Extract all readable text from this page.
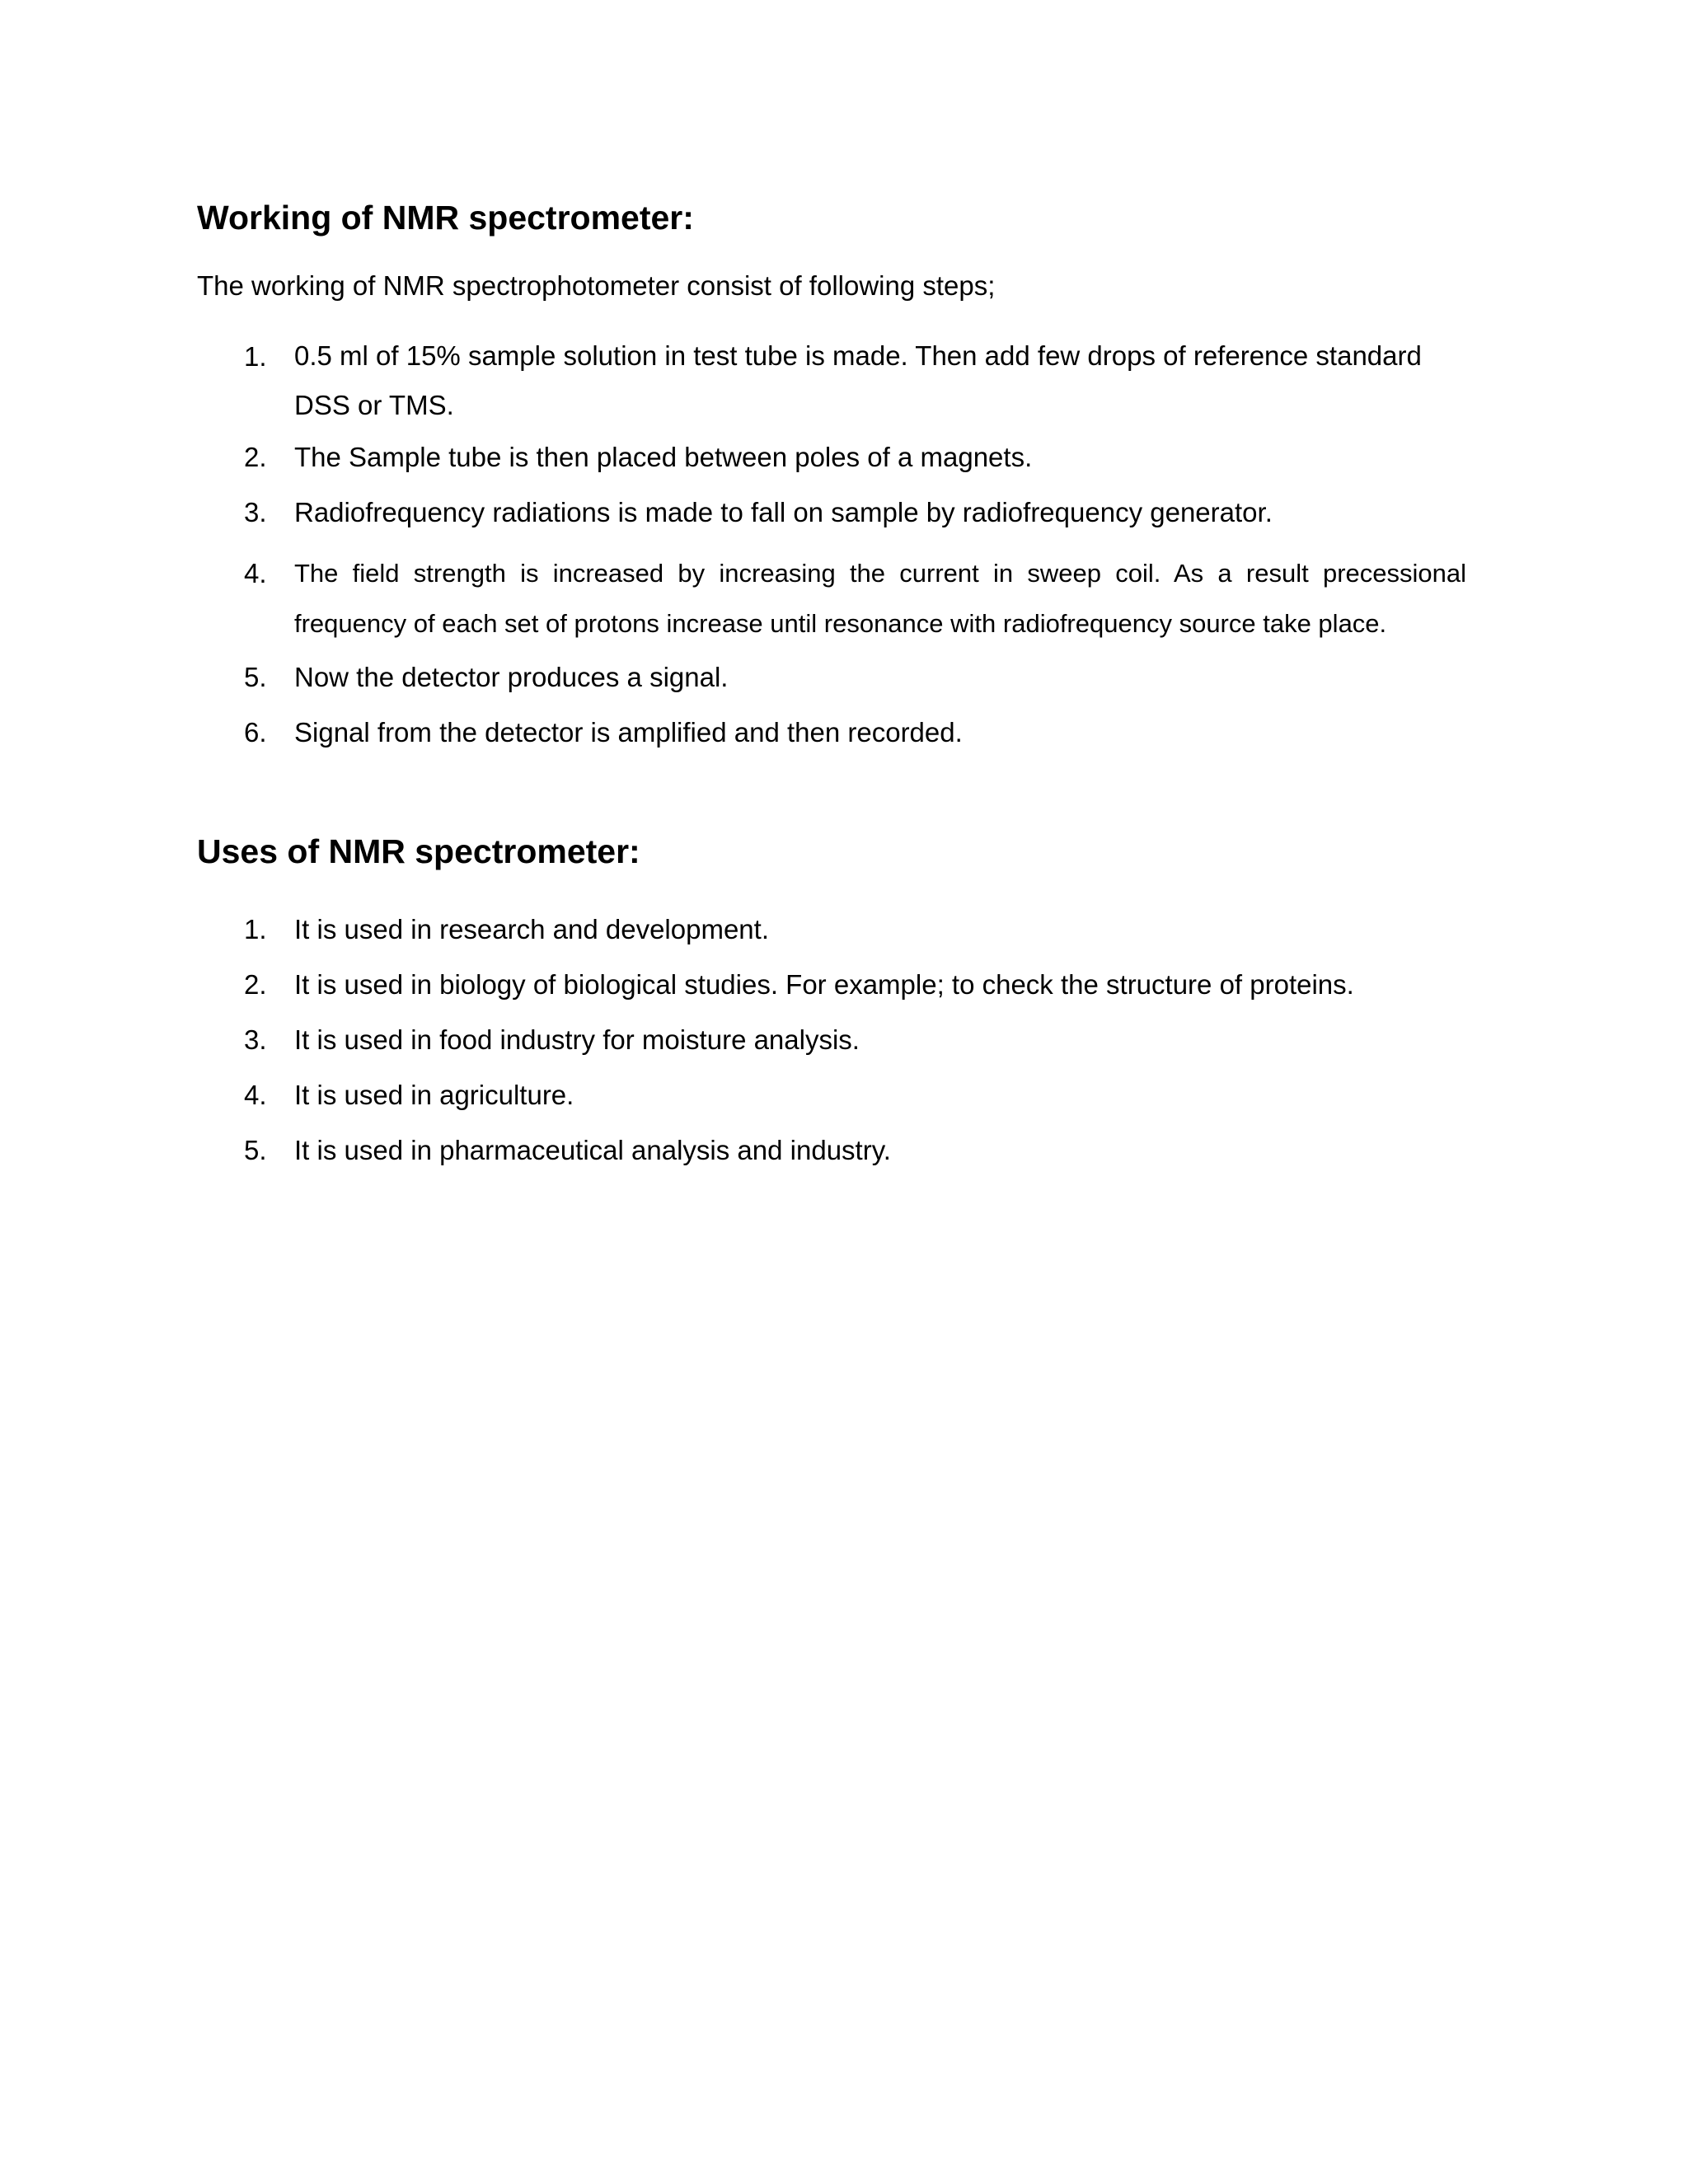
Working of NMR spectrometer:

The working of NMR spectrophotometer consist of following steps;

1. 0.5 ml of 15% sample solution in test tube is made. Then add few drops of reference standard DSS or TMS.
2. The Sample tube is then placed between poles of a magnets.
3. Radiofrequency radiations is made to fall on sample by radiofrequency generator.
4. The field strength is increased by increasing the current in sweep coil. As a result precessional frequency of each set of protons increase until resonance with radiofrequency source take place.
5. Now the detector produces a signal.
6. Signal from the detector is amplified and then recorded.
Uses of NMR spectrometer:
1. It is used in research and development.
2. It is used in biology of biological studies. For example; to check the structure of proteins.
3. It is used in food industry for moisture analysis.
4. It is used in agriculture.
5. It is used in pharmaceutical analysis and industry.
